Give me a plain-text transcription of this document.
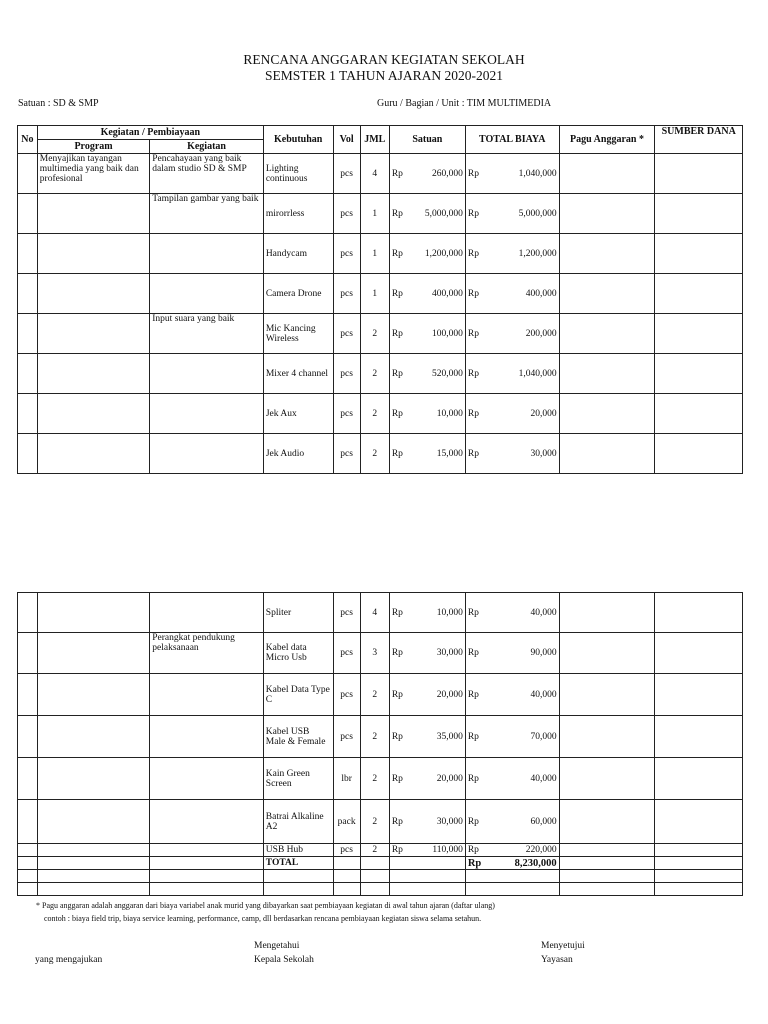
RENCANA ANGGARAN KEGIATAN SEKOLAH
SEMSTER 1 TAHUN AJARAN 2020-2021
Satuan : SD & SMP	Guru / Bagian / Unit : TIM MULTIMEDIA
No	Kegiatan / Pembiayaan		Kebutuhan	Vol	JML	Satuan	TOTAL BIAYA	Pagu Anggaran *	SUMBER DANA
	Program	Kegiatan							
	Menyajikan tayangan multimedia yang baik dan profesional	Pencahayaan yang baik dalam studio SD & SMP	Lighting continuous	pcs	4	Rp 260,000	Rp 1,040,000		

		Tampilan gambar yang baik	mirorrless	pcs	1	Rp 5,000,000	Rp 5,000,000		

			Handycam	pcs	1	Rp 1,200,000	Rp 1,200,000		

			Camera Drone	pcs	1	Rp 400,000	Rp 400,000		

		Input suara yang baik	Mic Kancing Wireless	pcs	2	Rp 100,000	Rp 200,000		

			Mixer 4 channel	pcs	2	Rp 520,000	Rp 1,040,000		

			Jek Aux	pcs	2	Rp 10,000	Rp 20,000		

			Jek Audio	pcs	2	Rp 15,000	Rp 30,000		

			Spliter	pcs	4	Rp 10,000	Rp 40,000		

		Perangkat pendukung pelaksanaan	Kabel data Micro Usb	pcs	3	Rp 30,000	Rp 90,000		

			Kabel Data Type C	pcs	2	Rp 20,000	Rp 40,000		

			Kabel USB Male & Female	pcs	2	Rp 35,000	Rp 70,000		

			Kain Green Screen	lbr	2	Rp 20,000	Rp 40,000		

			Batrai Alkaline A2	pack	2	Rp 30,000	Rp 60,000		

			USB Hub	pcs	2	Rp 110,000	Rp 220,000		

			TOTAL				Rp 8,230,000		

* Pagu anggaran adalah anggaran dari biaya variabel anak murid yang dibayarkan saat pembiayaan kegiatan di awal tahun ajaran (daftar ulang)
contoh : biaya field trip, biaya service learning, performance, camp, dll berdasarkan rencana pembiayaan kegiatan siswa selama setahun.
Mengetahui
Kepala Sekolah
Menyetujui
Yayasan
yang mengajukan
